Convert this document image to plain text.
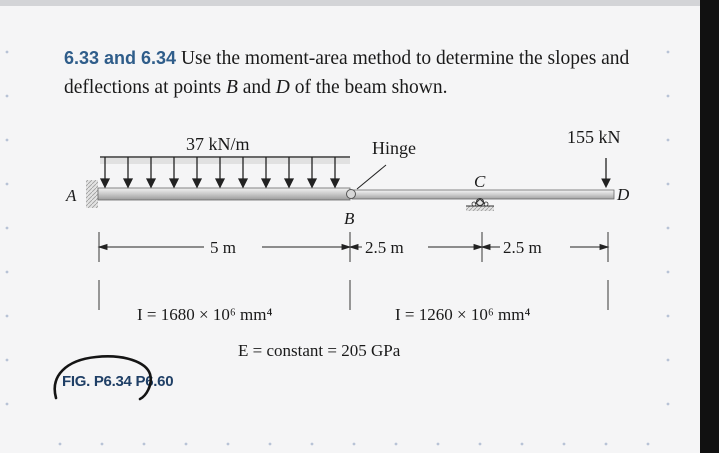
6.33 and 6.34 Use the moment-area method to determine the slopes and deflections at points B and D of the beam shown.
37 kN/m	Hinge
155 kN
A
B
C
D
5 m	2.5 m	2.5 m
I = 1680 × 10⁶ mm⁴	I = 1260 × 10⁶ mm⁴
E = constant = 205 GPa
FIG. P6.34 P6.60
